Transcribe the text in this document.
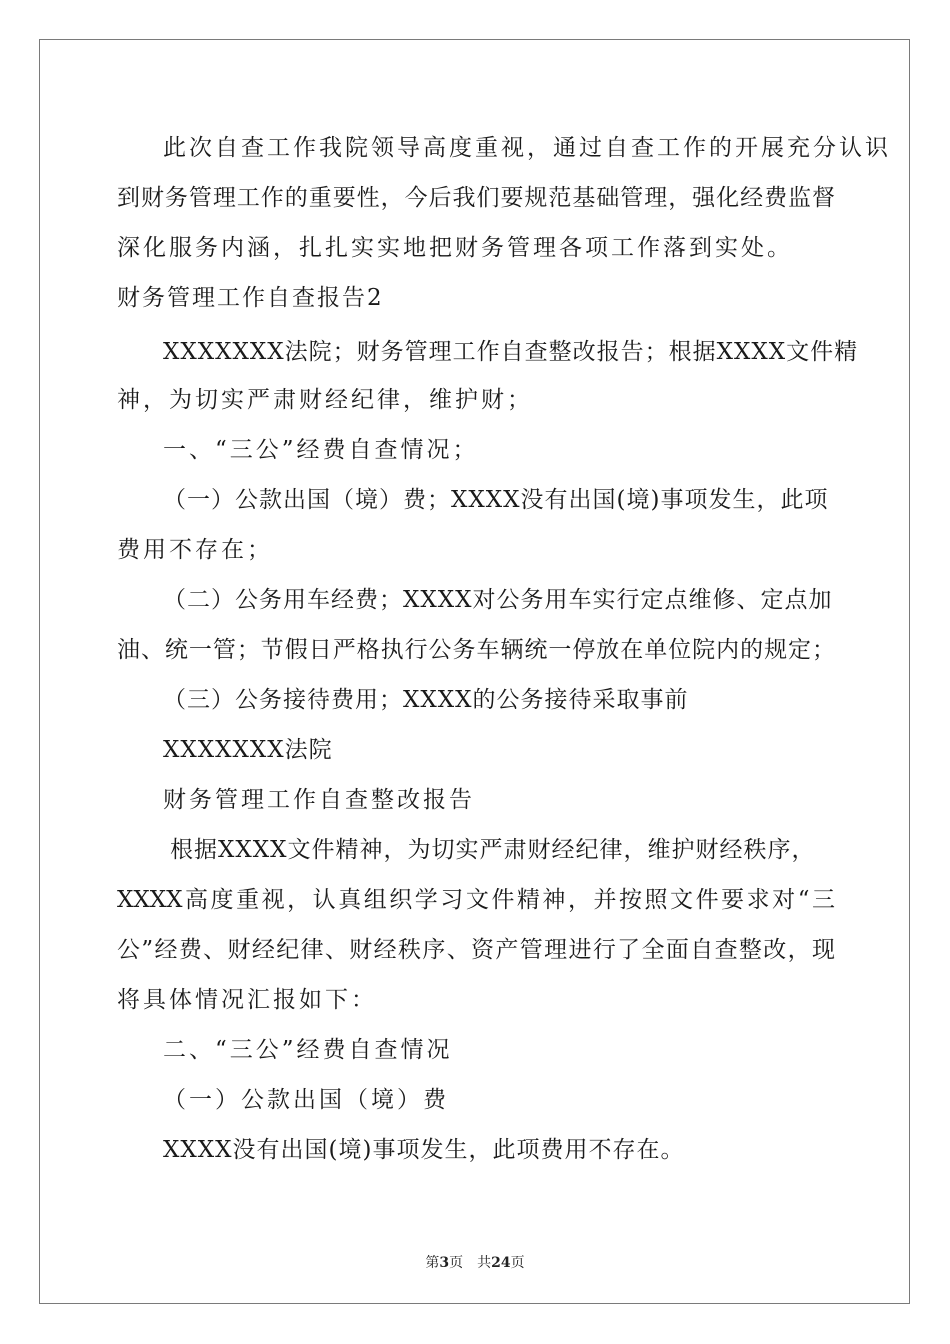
此次自查工作我院领导高度重视，通过自查工作的开展充分认识
到财务管理工作的重要性，今后我们要规范基础管理，强化经费监督
深化服务内涵，扎扎实实地把财务管理各项工作落到实处。
财务管理工作自查报告2
XXXXXXX法院；财务管理工作自查整改报告；根据XXXX文件精
神，为切实严肃财经纪律，维护财；
一、“三公”经费自查情况；
（一）公款出国（境）费；XXXX没有出国(境)事项发生，此项
费用不存在；
（二）公务用车经费；XXXX对公务用车实行定点维修、定点加
油、统一管；节假日严格执行公务车辆统一停放在单位院内的规定；
（三）公务接待费用；XXXX的公务接待采取事前
XXXXXXX法院
财务管理工作自查整改报告
根据XXXX文件精神，为切实严肃财经纪律，维护财经秩序，
XXXX高度重视，认真组织学习文件精神，并按照文件要求对“三
公”经费、财经纪律、财经秩序、资产管理进行了全面自查整改，现
将具体情况汇报如下：
二、“三公”经费自查情况
（一）公款出国（境）费
XXXX没有出国(境)事项发生，此项费用不存在。
第3页 共24页
